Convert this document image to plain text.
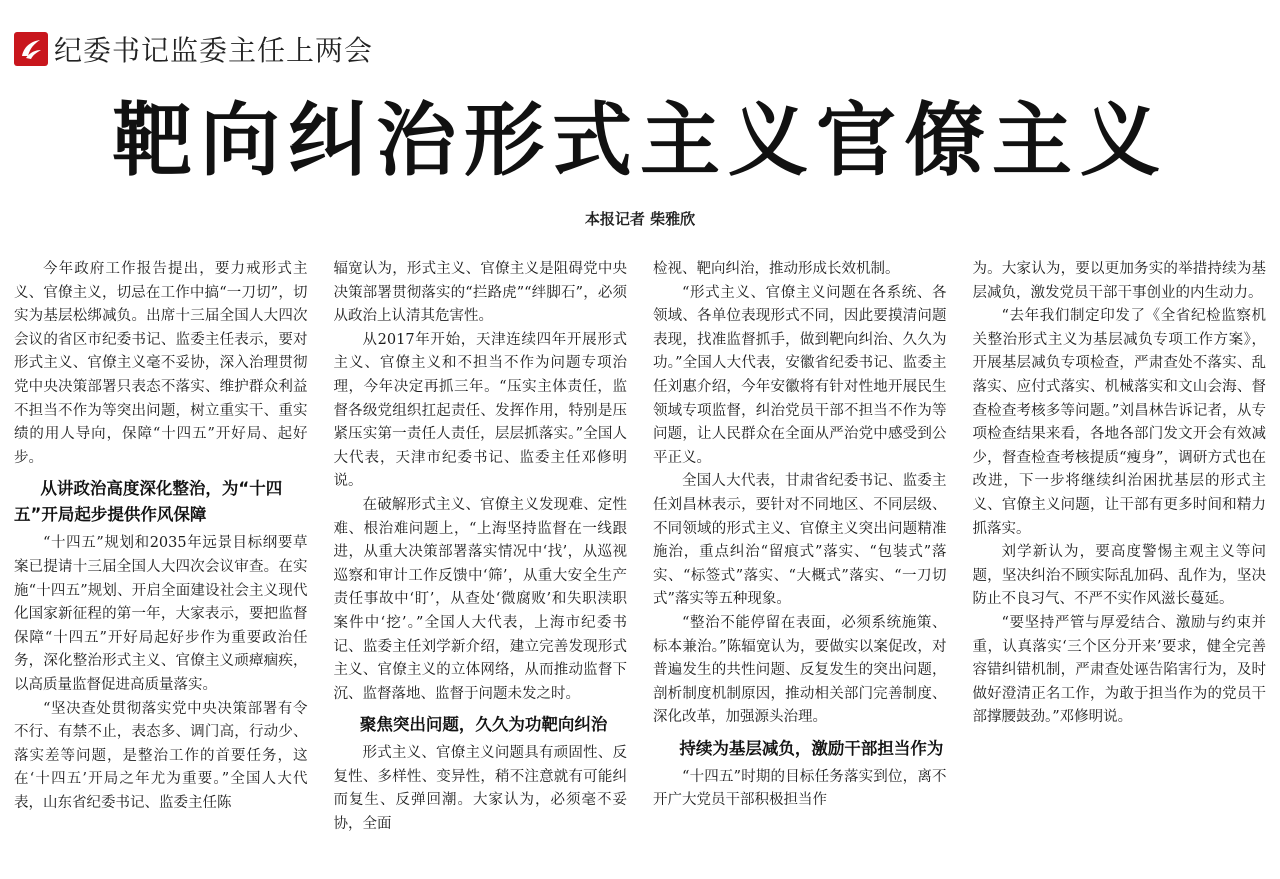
纪委书记监委主任上两会
靶向纠治形式主义官僚主义
本报记者 柴雅欣

今年政府工作报告提出，要力戒形式主义、官僚主义，切忌在工作中搞“一刀切”，切实为基层松绑减负。出席十三届全国人大四次会议的省区市纪委书记、监委主任表示，要对形式主义、官僚主义毫不妥协，深入治理贯彻党中央决策部署只表态不落实、维护群众利益不担当不作为等突出问题，树立重实干、重实绩的用人导向，保障“十四五”开好局、起好步。

从讲政治高度深化整治，为“十四五”开局起步提供作风保障

“十四五”规划和2035年远景目标纲要草案已提请十三届全国人大四次会议审查。在实施“十四五”规划、开启全面建设社会主义现代化国家新征程的第一年，大家表示，要把监督保障“十四五”开好局起好步作为重要政治任务，深化整治形式主义、官僚主义顽瘴痼疾，以高质量监督促进高质量落实。

“坚决查处贯彻落实党中央决策部署有令不行、有禁不止，表态多、调门高，行动少、落实差等问题，是整治工作的首要任务，这在‘十四五’开局之年尤为重要。”全国人大代表，山东省纪委书记、监委主任陈

辐宽认为，形式主义、官僚主义是阻碍党中央决策部署贯彻落实的“拦路虎”“绊脚石”，必须从政治上认清其危害性。

从2017年开始，天津连续四年开展形式主义、官僚主义和不担当不作为问题专项治理，今年决定再抓三年。“压实主体责任，监督各级党组织扛起责任、发挥作用，特别是压紧压实第一责任人责任，层层抓落实。”全国人大代表，天津市纪委书记、监委主任邓修明说。

在破解形式主义、官僚主义发现难、定性难、根治难问题上，“上海坚持监督在一线跟进，从重大决策部署落实情况中‘找’，从巡视巡察和审计工作反馈中‘筛’，从重大安全生产责任事故中‘盯’，从查处‘微腐败’和失职渎职案件中‘挖’。”全国人大代表，上海市纪委书记、监委主任刘学新介绍，建立完善发现形式主义、官僚主义的立体网络，从而推动监督下沉、监督落地、监督于问题未发之时。

聚焦突出问题，久久为功靶向纠治

形式主义、官僚主义问题具有顽固性、反复性、多样性、变异性，稍不注意就有可能纠而复生、反弹回潮。大家认为，必须毫不妥协，全面

检视、靶向纠治，推动形成长效机制。

“形式主义、官僚主义问题在各系统、各领域、各单位表现形式不同，因此要摸清问题表现，找准监督抓手，做到靶向纠治、久久为功。”全国人大代表，安徽省纪委书记、监委主任刘惠介绍，今年安徽将有针对性地开展民生领域专项监督，纠治党员干部不担当不作为等问题，让人民群众在全面从严治党中感受到公平正义。

全国人大代表，甘肃省纪委书记、监委主任刘昌林表示，要针对不同地区、不同层级、不同领域的形式主义、官僚主义突出问题精准施治，重点纠治“留痕式”落实、“包装式”落实、“标签式”落实、“大概式”落实、“一刀切式”落实等五种现象。

“整治不能停留在表面，必须系统施策、标本兼治。”陈辐宽认为，要做实以案促改，对普遍发生的共性问题、反复发生的突出问题，剖析制度机制原因，推动相关部门完善制度、深化改革，加强源头治理。

持续为基层减负，激励干部担当作为

“十四五”时期的目标任务落实到位，离不开广大党员干部积极担当作

为。大家认为，要以更加务实的举措持续为基层减负，激发党员干部干事创业的内生动力。

“去年我们制定印发了《全省纪检监察机关整治形式主义为基层减负专项工作方案》，开展基层减负专项检查，严肃查处不落实、乱落实、应付式落实、机械落实和文山会海、督查检查考核多等问题。”刘昌林告诉记者，从专项检查结果来看，各地各部门发文开会有效减少，督查检查考核提质“瘦身”，调研方式也在改进，下一步将继续纠治困扰基层的形式主义、官僚主义问题，让干部有更多时间和精力抓落实。

刘学新认为，要高度警惕主观主义等问题，坚决纠治不顾实际乱加码、乱作为，坚决防止不良习气、不严不实作风滋长蔓延。

“要坚持严管与厚爱结合、激励与约束并重，认真落实‘三个区分开来’要求，健全完善容错纠错机制，严肃查处诬告陷害行为，及时做好澄清正名工作，为敢于担当作为的党员干部撑腰鼓劲。”邓修明说。
